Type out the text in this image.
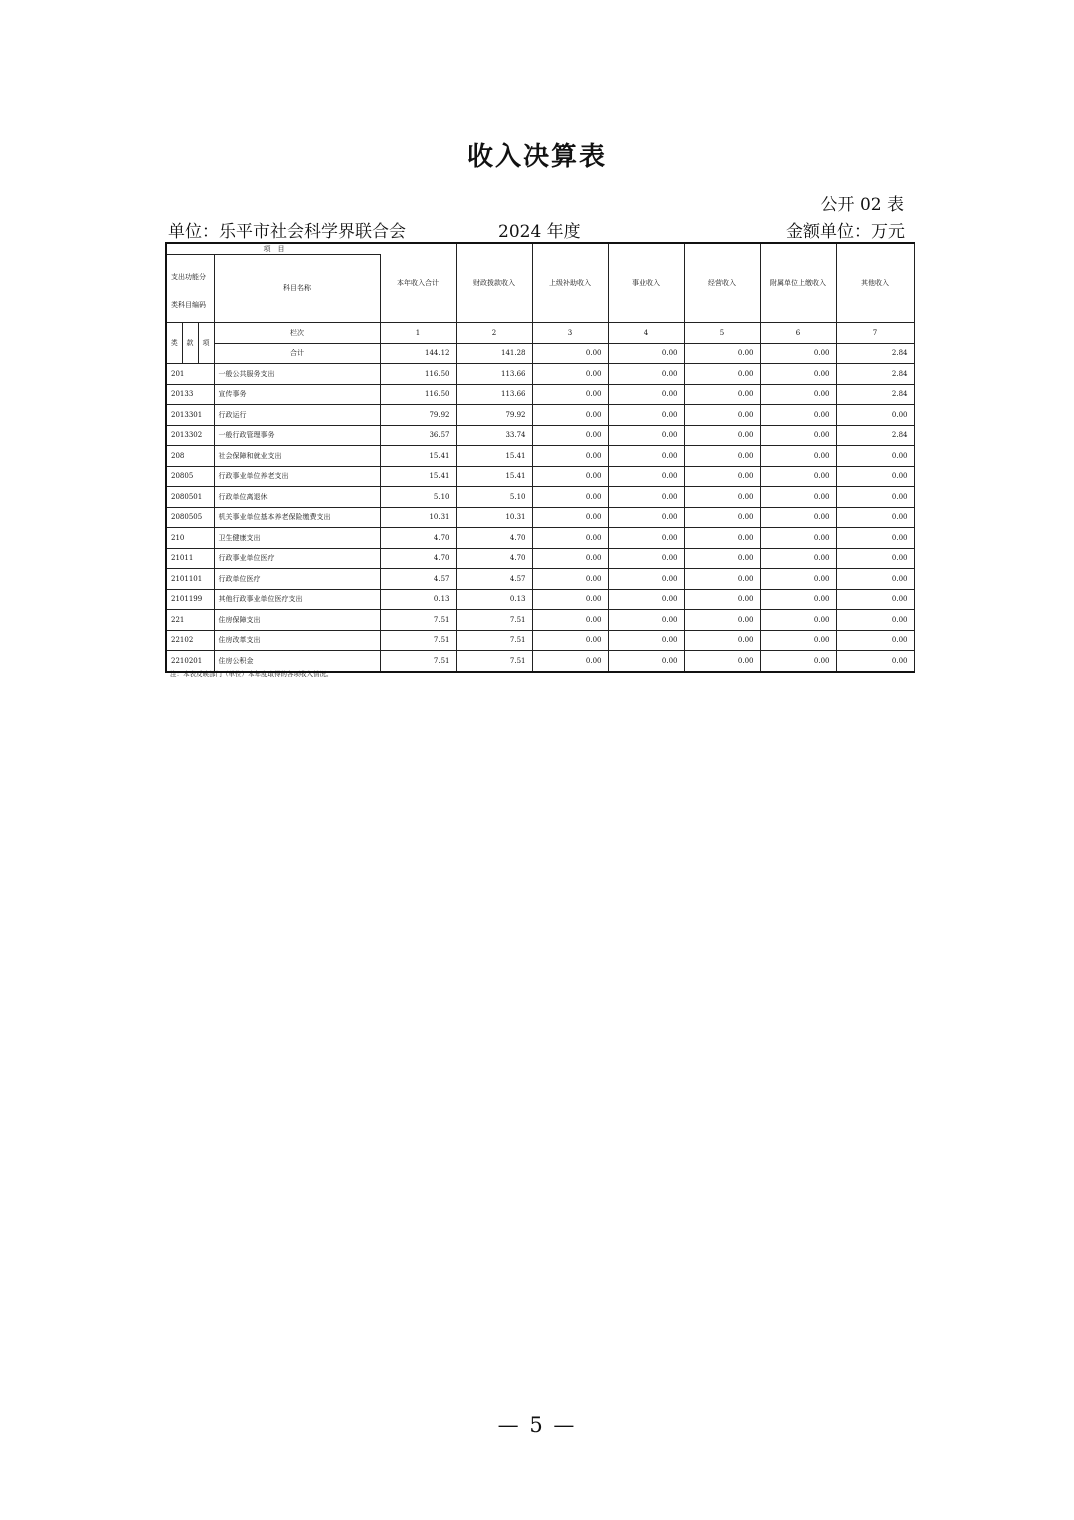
收入决算表
公开 02 表
单位：乐平市社会科学界联合会	2024 年度	金额单位：万元
项　目
支出功能分
类科目编码			科目名称	本年收入合计	财政拨款收入	上级补助收入	事业收入	经营收入	附属单位上缴收入	其他收入
类	款	项	栏次	1	2	3	4	5	6	7
			合计	144.12	141.28	0.00	0.00	0.00	0.00	2.84
201			一般公共服务支出	116.50	113.66	0.00	0.00	0.00	0.00	2.84
20133			宣传事务	116.50	113.66	0.00	0.00	0.00	0.00	2.84
2013301			行政运行	79.92	79.92	0.00	0.00	0.00	0.00	0.00
2013302			一般行政管理事务	36.57	33.74	0.00	0.00	0.00	0.00	2.84
208			社会保障和就业支出	15.41	15.41	0.00	0.00	0.00	0.00	0.00
20805			行政事业单位养老支出	15.41	15.41	0.00	0.00	0.00	0.00	0.00
2080501			行政单位离退休	5.10	5.10	0.00	0.00	0.00	0.00	0.00
2080505			机关事业单位基本养老保险缴费支出	10.31	10.31	0.00	0.00	0.00	0.00	0.00
210			卫生健康支出	4.70	4.70	0.00	0.00	0.00	0.00	0.00
21011			行政事业单位医疗	4.70	4.70	0.00	0.00	0.00	0.00	0.00
2101101			行政单位医疗	4.57	4.57	0.00	0.00	0.00	0.00	0.00
2101199			其他行政事业单位医疗支出	0.13	0.13	0.00	0.00	0.00	0.00	0.00
221			住房保障支出	7.51	7.51	0.00	0.00	0.00	0.00	0.00
22102			住房改革支出	7.51	7.51	0.00	0.00	0.00	0.00	0.00
2210201			住房公积金	7.51	7.51	0.00	0.00	0.00	0.00	0.00
注：本表反映部门（单位）本年度取得的各项收入情况。
— 5 —
